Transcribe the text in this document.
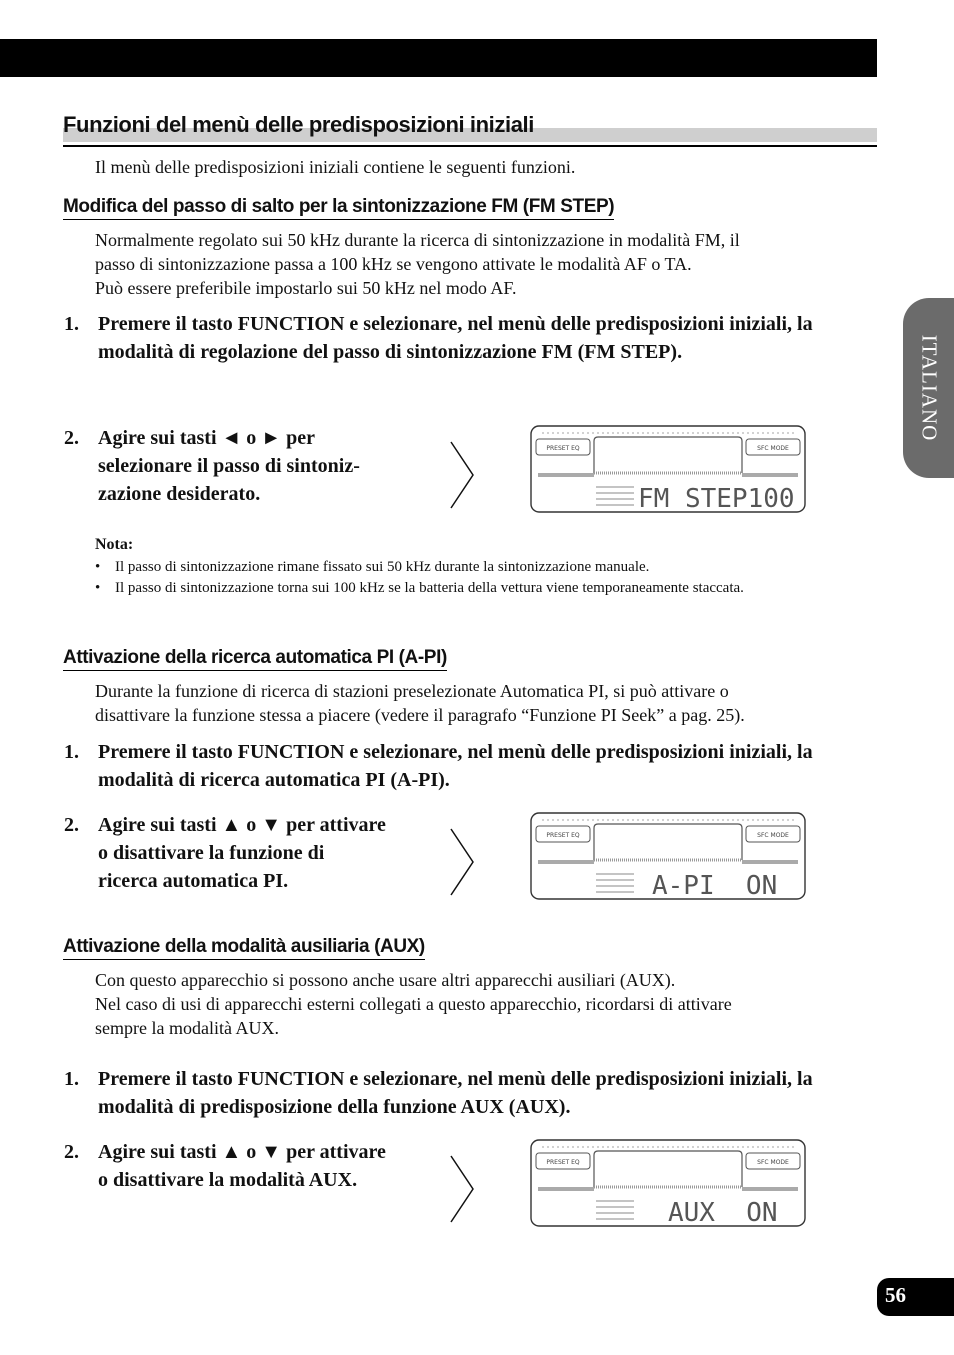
Funzioni del menù delle predisposizioni iniziali

Il menù delle predisposizioni iniziali contiene le seguenti funzioni.

Modifica del passo di salto per la sintonizzazione FM (FM STEP)

Normalmente regolato sui 50 kHz durante la ricerca di sintonizzazione in modalità FM, il
passo di sintonizzazione passa a 100 kHz se vengono attivate le modalità AF o TA.
Può essere preferibile impostarlo sui 50 kHz nel modo AF.

1. Premere il tasto FUNCTION e selezionare, nel menù delle predisposizioni iniziali, la modalità di regolazione del passo di sintonizzazione FM (FM STEP).

2. Agire sui tasti ◄ o ► per
selezionare il passo di sintoniz-
zazione desiderato.

PRESET EQ	SFC MODE
FM STEP100
Nota:
• Il passo di sintonizzazione rimane fissato sui 50 kHz durante la sintonizzazione manuale.
• Il passo di sintonizzazione torna sui 100 kHz se la batteria della vettura viene temporaneamente staccata.
Attivazione della ricerca automatica PI (A-PI)

Durante la funzione di ricerca di stazioni preselezionate Automatica PI, si può attivare o
disattivare la funzione stessa a piacere (vedere il paragrafo “Funzione PI Seek” a pag. 25).

1. Premere il tasto FUNCTION e selezionare, nel menù delle predisposizioni iniziali, la modalità di ricerca automatica PI (A-PI).

2. Agire sui tasti ▲ o ▼ per attivare
o disattivare la funzione di
ricerca automatica PI.

PRESET EQ	SFC MODE
A-PI  ON
Attivazione della modalità ausiliaria (AUX)

Con questo apparecchio si possono anche usare altri apparecchi ausiliari (AUX).
Nel caso di usi di apparecchi esterni collegati a questo apparecchio, ricordarsi di attivare
sempre la modalità AUX.

1. Premere il tasto FUNCTION e selezionare, nel menù delle predisposizioni iniziali, la modalità di predisposizione della funzione AUX (AUX).

2. Agire sui tasti ▲ o ▼ per attivare
o disattivare la modalità AUX.

PRESET EQ	SFC MODE
AUX  ON
ITALIANO
56
